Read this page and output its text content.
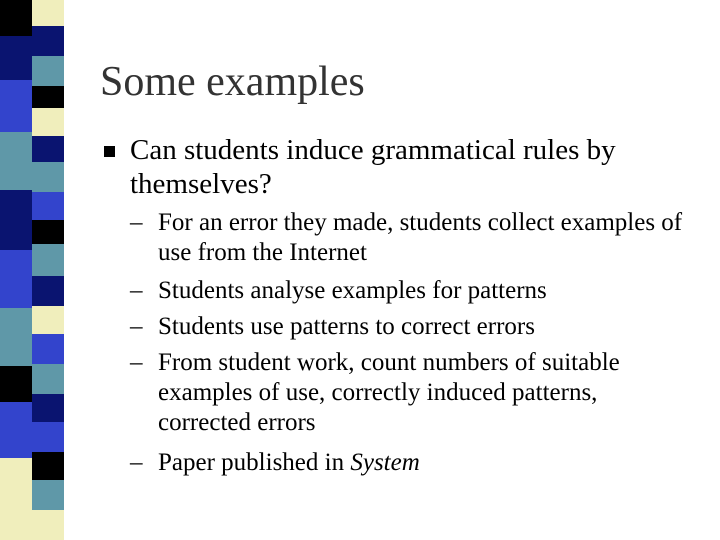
Some examples
Can students induce grammatical rules by themselves?
– For an error they made, students collect examples of use from the Internet
– Students analyse examples for patterns
– Students use patterns to correct errors
– From student work, count numbers of suitable examples of use, correctly induced patterns, corrected errors
– Paper published in System
